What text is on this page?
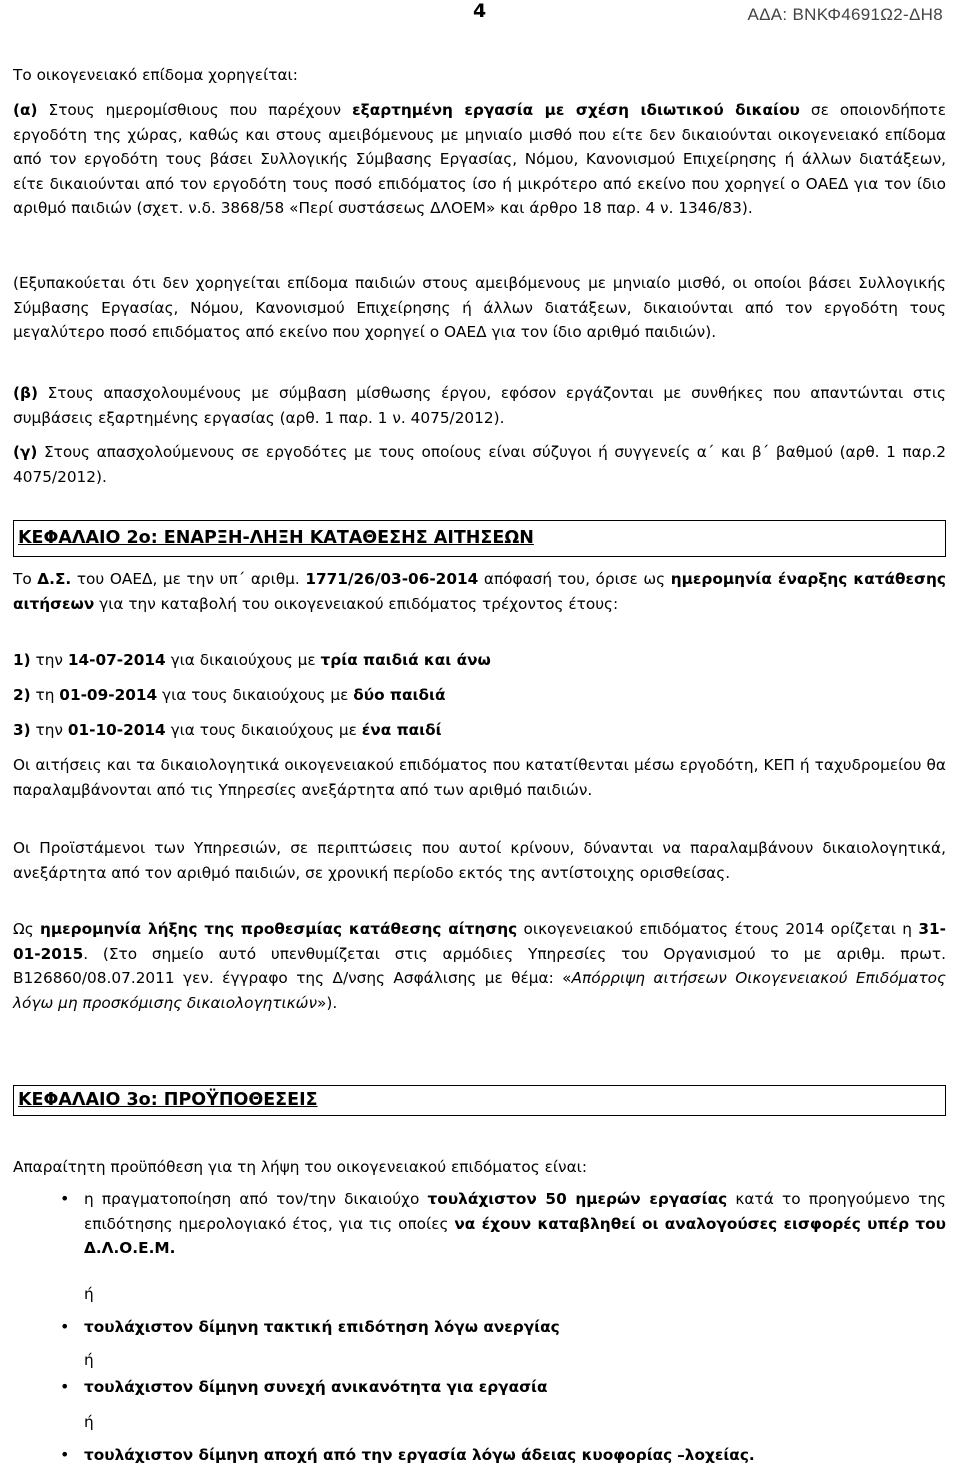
4	ΑΔΑ: ΒΝΚΦ4691Ω2-ΔΗ8

Το οικογενειακό επίδομα χορηγείται:

(α) Στους ημερομίσθιους που παρέχουν εξαρτημένη εργασία με σχέση ιδιωτικού δικαίου σε οποιονδήποτε εργοδότη της χώρας, καθώς και στους αμειβόμενους με μηνιαίο μισθό που είτε δεν δικαιούνται οικογενειακό επίδομα από τον εργοδότη τους βάσει Συλλογικής Σύμβασης Εργασίας, Νόμου, Κανονισμού Επιχείρησης ή άλλων διατάξεων, είτε δικαιούνται από τον εργοδότη τους ποσό επιδόματος ίσο ή μικρότερο από εκείνο που χορηγεί ο ΟΑΕΔ για τον ίδιο αριθμό παιδιών (σχετ. ν.δ. 3868/58 «Περί συστάσεως ΔΛΟΕΜ» και άρθρο 18 παρ. 4 ν. 1346/83).

(Εξυπακούεται ότι δεν χορηγείται επίδομα παιδιών στους αμειβόμενους με μηνιαίο μισθό, οι οποίοι βάσει Συλλογικής Σύμβασης Εργασίας, Νόμου, Κανονισμού Επιχείρησης ή άλλων διατάξεων, δικαιούνται από τον εργοδότη τους μεγαλύτερο ποσό επιδόματος από εκείνο που χορηγεί ο ΟΑΕΔ για τον ίδιο αριθμό παιδιών).

(β) Στους απασχολουμένους με σύμβαση μίσθωσης έργου, εφόσον εργάζονται με συνθήκες που απαντώνται στις συμβάσεις εξαρτημένης εργασίας (αρθ. 1 παρ. 1 ν. 4075/2012).

(γ) Στους απασχολούμενους σε εργοδότες με τους οποίους είναι σύζυγοι ή συγγενείς α΄ και β΄ βαθμού (αρθ. 1 παρ.2 4075/2012).

ΚΕΦΑΛΑΙΟ 2ο: ΕΝΑΡΞΗ-ΛΗΞΗ ΚΑΤΑΘΕΣΗΣ ΑΙΤΗΣΕΩΝ

Το Δ.Σ. του ΟΑΕΔ, με την υπ΄ αριθμ. 1771/26/03-06-2014 απόφασή του, όρισε ως ημερομηνία έναρξης κατάθεσης αιτήσεων για την καταβολή του οικογενειακού επιδόματος τρέχοντος έτους:

1) την 14-07-2014 για δικαιούχους με τρία παιδιά και άνω

2) τη 01-09-2014 για τους δικαιούχους με δύο παιδιά

3) την 01-10-2014 για τους δικαιούχους με ένα παιδί

Οι αιτήσεις και τα δικαιολογητικά οικογενειακού επιδόματος που κατατίθενται μέσω εργοδότη, ΚΕΠ ή ταχυδρομείου θα παραλαμβάνονται από τις Υπηρεσίες ανεξάρτητα από των αριθμό παιδιών.

Οι Προϊστάμενοι των Υπηρεσιών, σε περιπτώσεις που αυτοί κρίνουν, δύνανται να παραλαμβάνουν δικαιολογητικά, ανεξάρτητα από τον αριθμό παιδιών, σε χρονική περίοδο εκτός της αντίστοιχης ορισθείσας.

Ως ημερομηνία λήξης της προθεσμίας κατάθεσης αίτησης οικογενειακού επιδόματος έτους 2014 ορίζεται η 31-01-2015. (Στο σημείο αυτό υπενθυμίζεται στις αρμόδιες Υπηρεσίες του Οργανισμού το με αριθμ. πρωτ. Β126860/08.07.2011 γεν. έγγραφο της Δ/νσης Ασφάλισης με θέμα: «Απόρριψη αιτήσεων Οικογενειακού Επιδόματος λόγω μη προσκόμισης δικαιολογητικών»).

ΚΕΦΑΛΑΙΟ 3ο: ΠΡΟΫΠΟΘΕΣΕΙΣ

Απαραίτητη προϋπόθεση για τη λήψη του οικογενειακού επιδόματος είναι:

• η πραγματοποίηση από τον/την δικαιούχο τουλάχιστον 50 ημερών εργασίας κατά το προηγούμενο της επιδότησης ημερολογιακό έτος, για τις οποίες να έχουν καταβληθεί οι αναλογούσες εισφορές υπέρ του Δ.Λ.Ο.Ε.Μ.

ή
• τουλάχιστον δίμηνη τακτική επιδότηση λόγω ανεργίας

ή
• τουλάχιστον δίμηνη συνεχή ανικανότητα για εργασία

ή
• τουλάχιστον δίμηνη αποχή από την εργασία λόγω άδειας κυοφορίας –λοχείας.
